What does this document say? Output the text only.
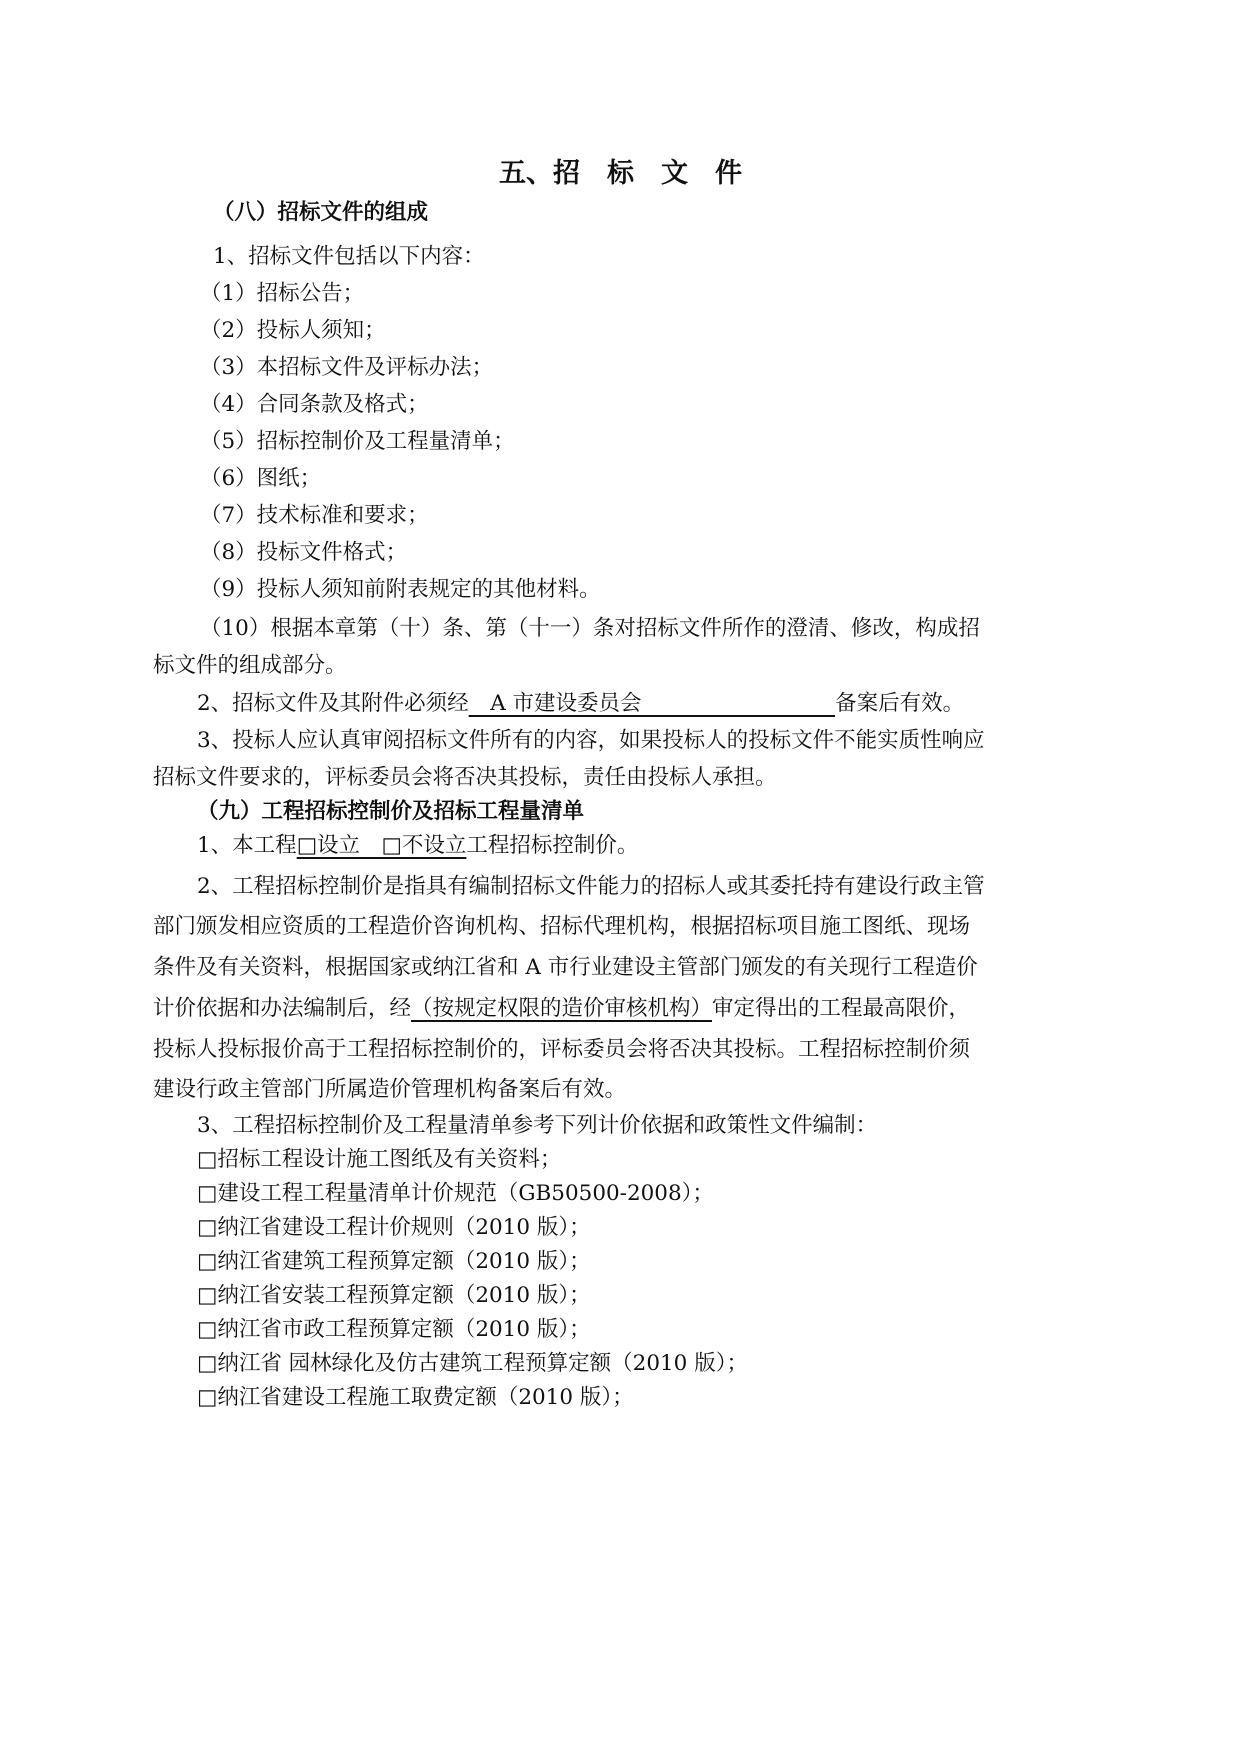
五、招　标　文　件
（八）招标文件的组成
1、招标文件包括以下内容：
（1）招标公告；
（2）投标人须知；
（3）本招标文件及评标办法；
（4）合同条款及格式；
（5）招标控制价及工程量清单；
（6）图纸；
（7）技术标准和要求；
（8）投标文件格式；
（9）投标人须知前附表规定的其他材料。
（10）根据本章第（十）条、第（十一）条对招标文件所作的澄清、修改，构成招
标文件的组成部分。
2、招标文件及其附件必须经　A 市建设委员会　　　　　　　　　备案后有效。
3、投标人应认真审阅招标文件所有的内容，如果投标人的投标文件不能实质性响应
招标文件要求的，评标委员会将否决其投标，责任由投标人承担。
（九）工程招标控制价及招标工程量清单
1、本工程□设立　□不设立工程招标控制价。
2、工程招标控制价是指具有编制招标文件能力的招标人或其委托持有建设行政主管
部门颁发相应资质的工程造价咨询机构、招标代理机构，根据招标项目施工图纸、现场
条件及有关资料，根据国家或纳江省和 A 市行业建设主管部门颁发的有关现行工程造价
计价依据和办法编制后，经（按规定权限的造价审核机构）审定得出的工程最高限价，
投标人投标报价高于工程招标控制价的，评标委员会将否决其投标。工程招标控制价须
建设行政主管部门所属造价管理机构备案后有效。
3、工程招标控制价及工程量清单参考下列计价依据和政策性文件编制：
□招标工程设计施工图纸及有关资料；
□建设工程工程量清单计价规范（GB50500-2008）；
□纳江省建设工程计价规则（2010 版）；
□纳江省建筑工程预算定额（2010 版）；
□纳江省安装工程预算定额（2010 版）；
□纳江省市政工程预算定额（2010 版）；
□纳江省 园林绿化及仿古建筑工程预算定额（2010 版）；
□纳江省建设工程施工取费定额（2010 版）；
